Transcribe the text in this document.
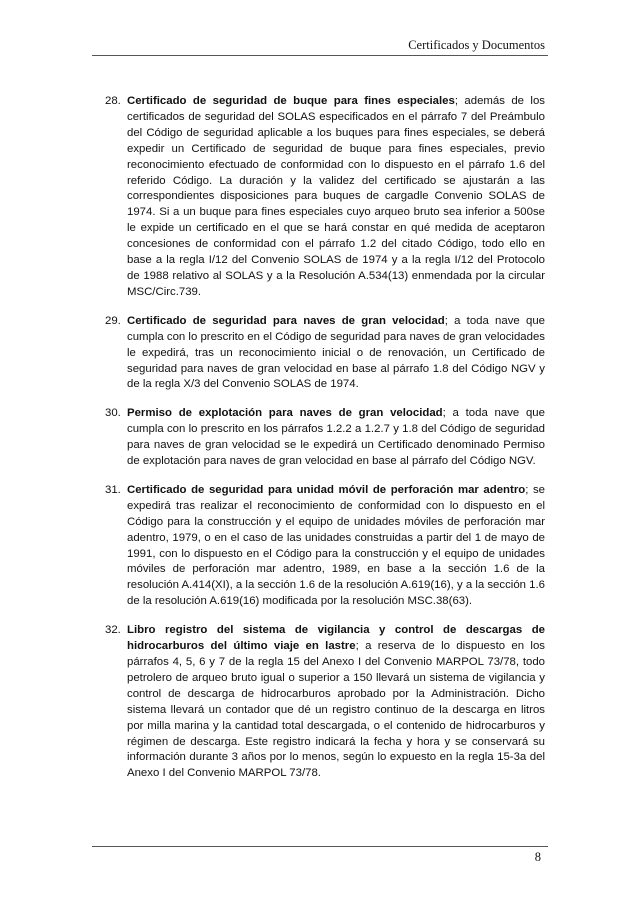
Certificados y Documentos
28. Certificado de seguridad de buque para fines especiales; además de los certificados de seguridad del SOLAS especificados en el párrafo 7 del Preámbulo del Código de seguridad aplicable a los buques para fines especiales, se deberá expedir un Certificado de seguridad de buque para fines especiales, previo reconocimiento efectuado de conformidad con lo dispuesto en el párrafo 1.6 del referido Código. La duración y la validez del certificado se ajustarán a las correspondientes disposiciones para buques de cargadle Convenio SOLAS de 1974. Si a un buque para fines especiales cuyo arqueo bruto sea inferior a 500se le expide un certificado en el que se hará constar en qué medida de aceptaron concesiones de conformidad con el párrafo 1.2 del citado Código, todo ello en base a la regla I/12 del Convenio SOLAS de 1974 y a la regla I/12 del Protocolo de 1988 relativo al SOLAS y a la Resolución A.534(13) enmendada por la circular MSC/Circ.739.
29. Certificado de seguridad para naves de gran velocidad; a toda nave que cumpla con lo prescrito en el Código de seguridad para naves de gran velocidades le expedirá, tras un reconocimiento inicial o de renovación, un Certificado de seguridad para naves de gran velocidad en base al párrafo 1.8 del Código NGV y de la regla X/3 del Convenio SOLAS de 1974.
30. Permiso de explotación para naves de gran velocidad; a toda nave que cumpla con lo prescrito en los párrafos 1.2.2 a 1.2.7 y 1.8 del Código de seguridad para naves de gran velocidad se le expedirá un Certificado denominado Permiso de explotación para naves de gran velocidad en base al párrafo del Código NGV.
31. Certificado de seguridad para unidad móvil de perforación mar adentro; se expedirá tras realizar el reconocimiento de conformidad con lo dispuesto en el Código para la construcción y el equipo de unidades móviles de perforación mar adentro, 1979, o en el caso de las unidades construidas a partir del 1 de mayo de 1991, con lo dispuesto en el Código para la construcción y el equipo de unidades móviles de perforación mar adentro, 1989, en base a la sección 1.6 de la resolución A.414(XI), a la sección 1.6 de la resolución A.619(16), y a la sección 1.6 de la resolución A.619(16) modificada por la resolución MSC.38(63).
32. Libro registro del sistema de vigilancia y control de descargas de hidrocarburos del último viaje en lastre; a reserva de lo dispuesto en los párrafos 4, 5, 6 y 7 de la regla 15 del Anexo I del Convenio MARPOL 73/78, todo petrolero de arqueo bruto igual o superior a 150 llevará un sistema de vigilancia y control de descarga de hidrocarburos aprobado por la Administración. Dicho sistema llevará un contador que dé un registro continuo de la descarga en litros por milla marina y la cantidad total descargada, o el contenido de hidrocarburos y régimen de descarga. Este registro indicará la fecha y hora y se conservará su información durante 3 años por lo menos, según lo expuesto en la regla 15-3a del Anexo I del Convenio MARPOL 73/78.
8
